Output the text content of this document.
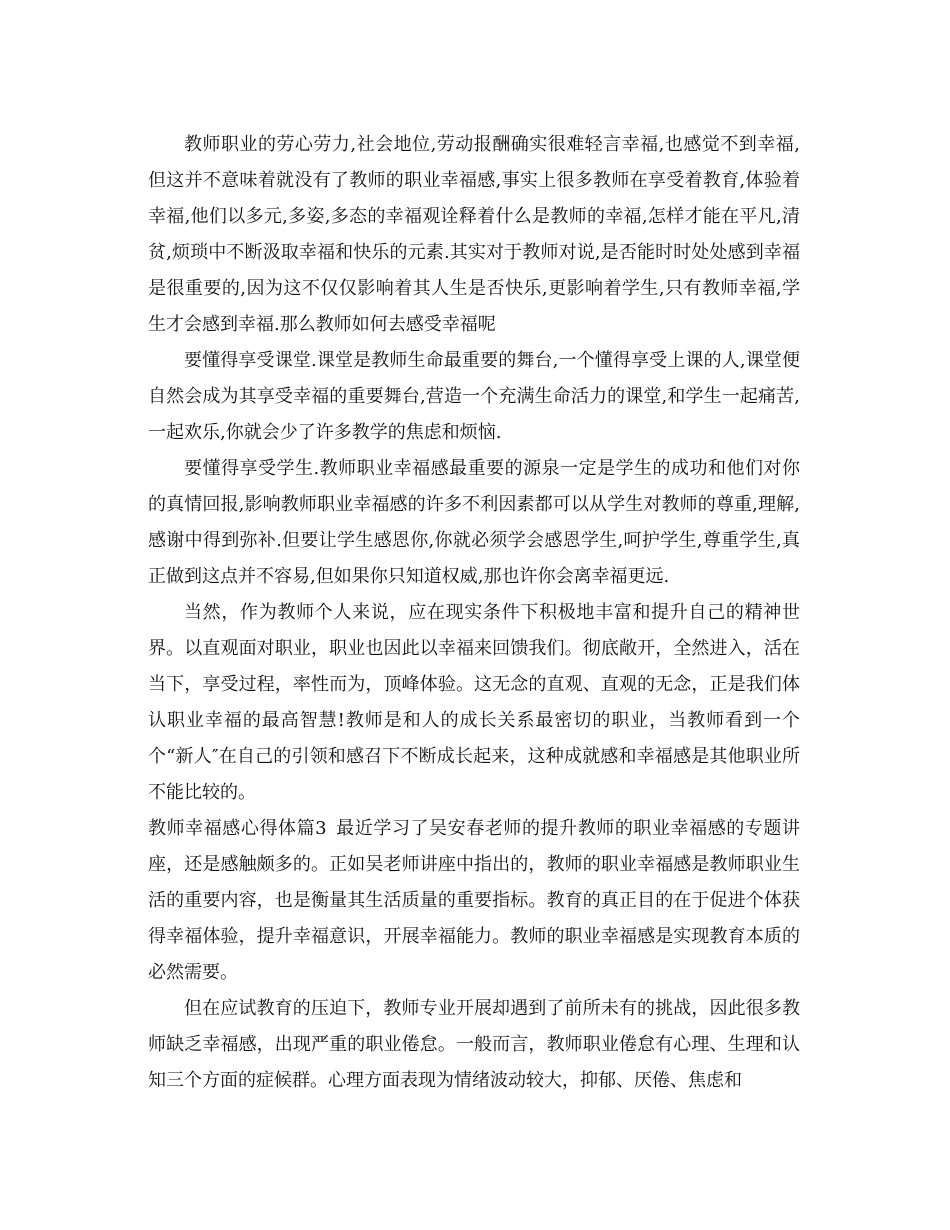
教师职业的劳心劳力,社会地位,劳动报酬确实很难轻言幸福,也感觉不到幸福,但这并不意味着就没有了教师的职业幸福感,事实上很多教师在享受着教育,体验着幸福,他们以多元,多姿,多态的幸福观诠释着什么是教师的幸福,怎样才能在平凡,清贫,烦琐中不断汲取幸福和快乐的元素.其实对于教师对说,是否能时时处处感到幸福是很重要的,因为这不仅仅影响着其人生是否快乐,更影响着学生,只有教师幸福,学生才会感到幸福.那么教师如何去感受幸福呢

要懂得享受课堂.课堂是教师生命最重要的舞台,一个懂得享受上课的人,课堂便自然会成为其享受幸福的重要舞台,营造一个充满生命活力的课堂,和学生一起痛苦,一起欢乐,你就会少了许多教学的焦虑和烦恼.

要懂得享受学生.教师职业幸福感最重要的源泉一定是学生的成功和他们对你的真情回报,影响教师职业幸福感的许多不利因素都可以从学生对教师的尊重,理解,感谢中得到弥补.但要让学生感恩你,你就必须学会感恩学生,呵护学生,尊重学生,真正做到这点并不容易,但如果你只知道权威,那也许你会离幸福更远.

当然，作为教师个人来说，应在现实条件下积极地丰富和提升自己的精神世界。以直观面对职业，职业也因此以幸福来回馈我们。彻底敞开，全然进入，活在当下，享受过程，率性而为，顶峰体验。这无念的直观、直观的无念，正是我们体认职业幸福的最高智慧!教师是和人的成长关系最密切的职业，当教师看到一个个“新人″在自己的引领和感召下不断成长起来，这种成就感和幸福感是其他职业所不能比较的。

教师幸福感心得体篇3 最近学习了吴安春老师的提升教师的职业幸福感的专题讲座，还是感触颇多的。正如吴老师讲座中指出的，教师的职业幸福感是教师职业生活的重要内容，也是衡量其生活质量的重要指标。教育的真正目的在于促进个体获得幸福体验，提升幸福意识，开展幸福能力。教师的职业幸福感是实现教育本质的必然需要。

但在应试教育的压迫下，教师专业开展却遇到了前所未有的挑战，因此很多教师缺乏幸福感，出现严重的职业倦怠。一般而言，教师职业倦怠有心理、生理和认知三个方面的症候群。心理方面表现为情绪波动较大，抑郁、厌倦、焦虑和
